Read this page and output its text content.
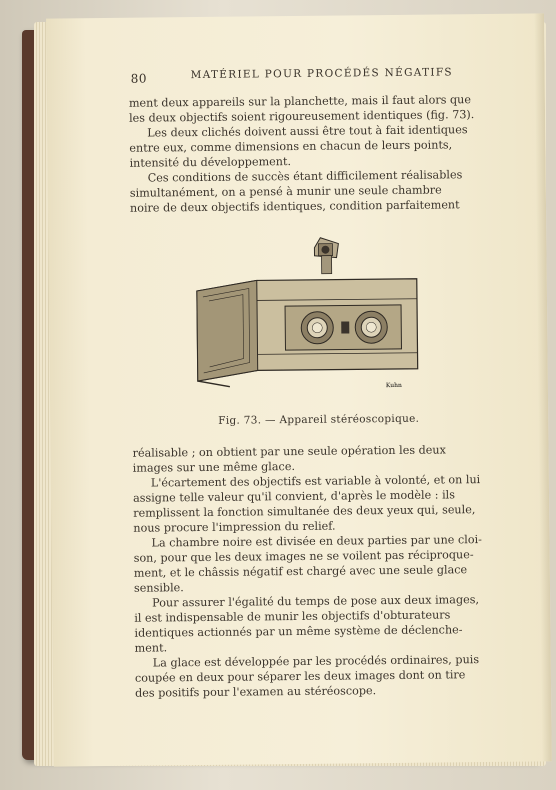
80	MATÉRIEL POUR PROCÉDÉS NÉGATIFS
ment deux appareils sur la planchette, mais il faut alors que
les deux objectifs soient rigoureusement identiques (fig. 73).
Les deux clichés doivent aussi être tout à fait identiques
entre eux, comme dimensions en chacun de leurs points,
intensité du développement.
Ces conditions de succès étant difficilement réalisables
simultanément, on a pensé à munir une seule chambre
noire de deux objectifs identiques, condition parfaitement
Kuhn
Fig. 73. — Appareil stéréoscopique.
réalisable ; on obtient par une seule opération les deux
images sur une même glace.
L'écartement des objectifs est variable à volonté, et on lui
assigne telle valeur qu'il convient, d'après le modèle : ils
remplissent la fonction simultanée des deux yeux qui, seule,
nous procure l'impression du relief.
La chambre noire est divisée en deux parties par une cloi-
son, pour que les deux images ne se voilent pas réciproque-
ment, et le châssis négatif est chargé avec une seule glace
sensible.
Pour assurer l'égalité du temps de pose aux deux images,
il est indispensable de munir les objectifs d'obturateurs
identiques actionnés par un même système de déclenche-
ment.
La glace est développée par les procédés ordinaires, puis
coupée en deux pour séparer les deux images dont on tire
des positifs pour l'examen au stéréoscope.
